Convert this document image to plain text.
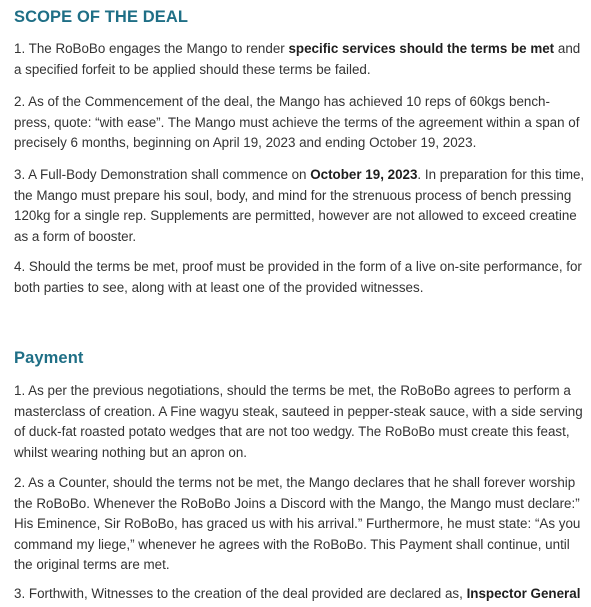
SCOPE OF THE DEAL

1. The RoBoBo engages the Mango to render specific services should the terms be met and a specified forfeit to be applied should these terms be failed.

2. As of the Commencement of the deal, the Mango has achieved 10 reps of 60kgs bench-press, quote: “with ease”. The Mango must achieve the terms of the agreement within a span of precisely 6 months, beginning on April 19, 2023 and ending October 19, 2023.

3. A Full-Body Demonstration shall commence on October 19, 2023. In preparation for this time, the Mango must prepare his soul, body, and mind for the strenuous process of bench pressing 120kg for a single rep. Supplements are permitted, however are not allowed to exceed creatine as a form of booster.

4. Should the terms be met, proof must be provided in the form of a live on-site performance, for both parties to see, along with at least one of the provided witnesses.

Payment

1. As per the previous negotiations, should the terms be met, the RoBoBo agrees to perform a masterclass of creation. A Fine wagyu steak, sauteed in pepper-steak sauce, with a side serving of duck-fat roasted potato wedges that are not too wedgy. The RoBoBo must create this feast, whilst wearing nothing but an apron on.

2. As a Counter, should the terms not be met, the Mango declares that he shall forever worship the RoBoBo. Whenever the RoBoBo Joins a Discord with the Mango, the Mango must declare:” His Eminence, Sir RoBoBo, has graced us with his arrival.” Furthermore, he must state: “As you command my liege,” whenever he agrees with the RoBoBo. This Payment shall continue, until the original terms are met.

3. Forthwith, Witnesses to the creation of the deal provided are declared as, Inspector General
